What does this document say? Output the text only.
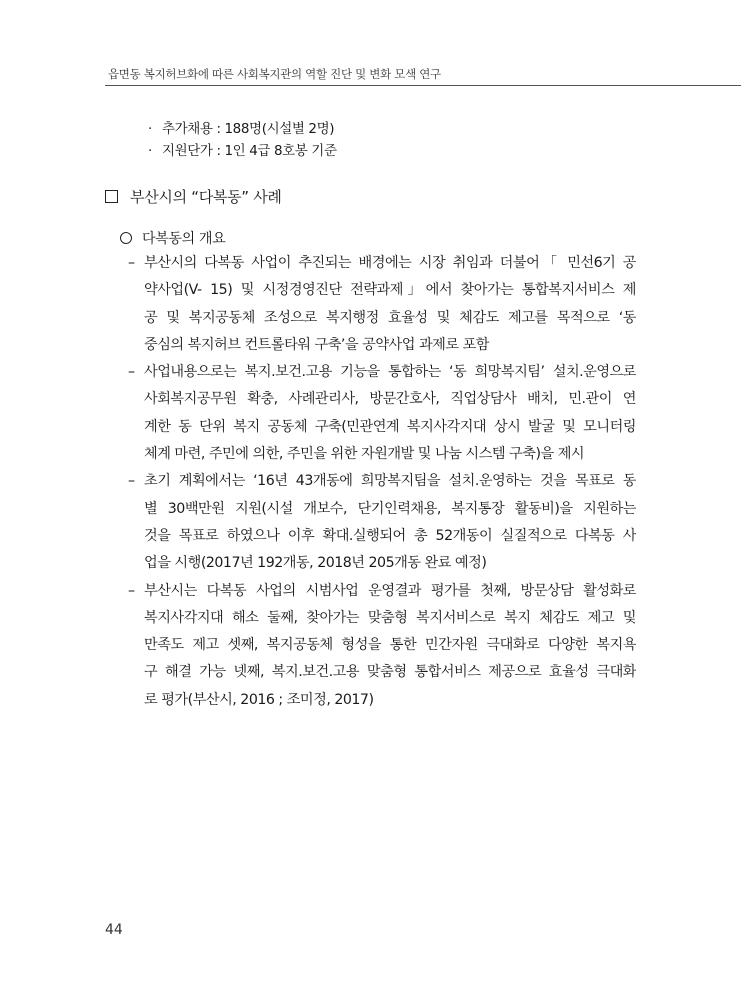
읍면동 복지허브화에 따른 사회복지관의 역할 진단 및 변화 모색 연구
· 추가채용 : 188명(시설별 2명)
· 지원단가 : 1인 4급 8호봉 기준
부산시의 “다복동” 사례
다복동의 개요
– 부산시의 다복동 사업이 추진되는 배경에는 시장 취임과 더불어「 민선6기 공
약사업(V- 15) 및 시정경영진단 전략과제」에서 찾아가는 통합복지서비스 제
공 및 복지공동체 조성으로 복지행정 효율성 및 체감도 제고를 목적으로 ‘동
중심의 복지허브 컨트롤타워 구축’을 공약사업 과제로 포함
– 사업내용으로는 복지.보건.고용 기능을 통합하는 ‘동 희망복지팀’ 설치.운영으로
사회복지공무원 확충, 사례관리사, 방문간호사, 직업상담사 배치, 민.관이 연
계한 동 단위 복지 공동체 구축(민관연계 복지사각지대 상시 발굴 및 모니터링
체계 마련, 주민에 의한, 주민을 위한 자원개발 및 나눔 시스템 구축)을 제시
– 초기 계획에서는 ‘16년 43개동에 희망복지팀을 설치.운영하는 것을 목표로 동
별 30백만원 지원(시설 개보수, 단기인력채용, 복지통장 활동비)을 지원하는
것을 목표로 하였으나 이후 확대.실행되어 총 52개동이 실질적으로 다복동 사
업을 시행(2017년 192개동, 2018년 205개동 완료 예정)
– 부산시는 다복동 사업의 시범사업 운영결과 평가를 첫째, 방문상담 활성화로
복지사각지대 해소 둘째, 찾아가는 맞춤형 복지서비스로 복지 체감도 제고 및
만족도 제고 셋째, 복지공동체 형성을 통한 민간자원 극대화로 다양한 복지욕
구 해결 가능 넷째, 복지.보건.고용 맞춤형 통합서비스 제공으로 효율성 극대화
로 평가(부산시, 2016 ; 조미정, 2017)
44
